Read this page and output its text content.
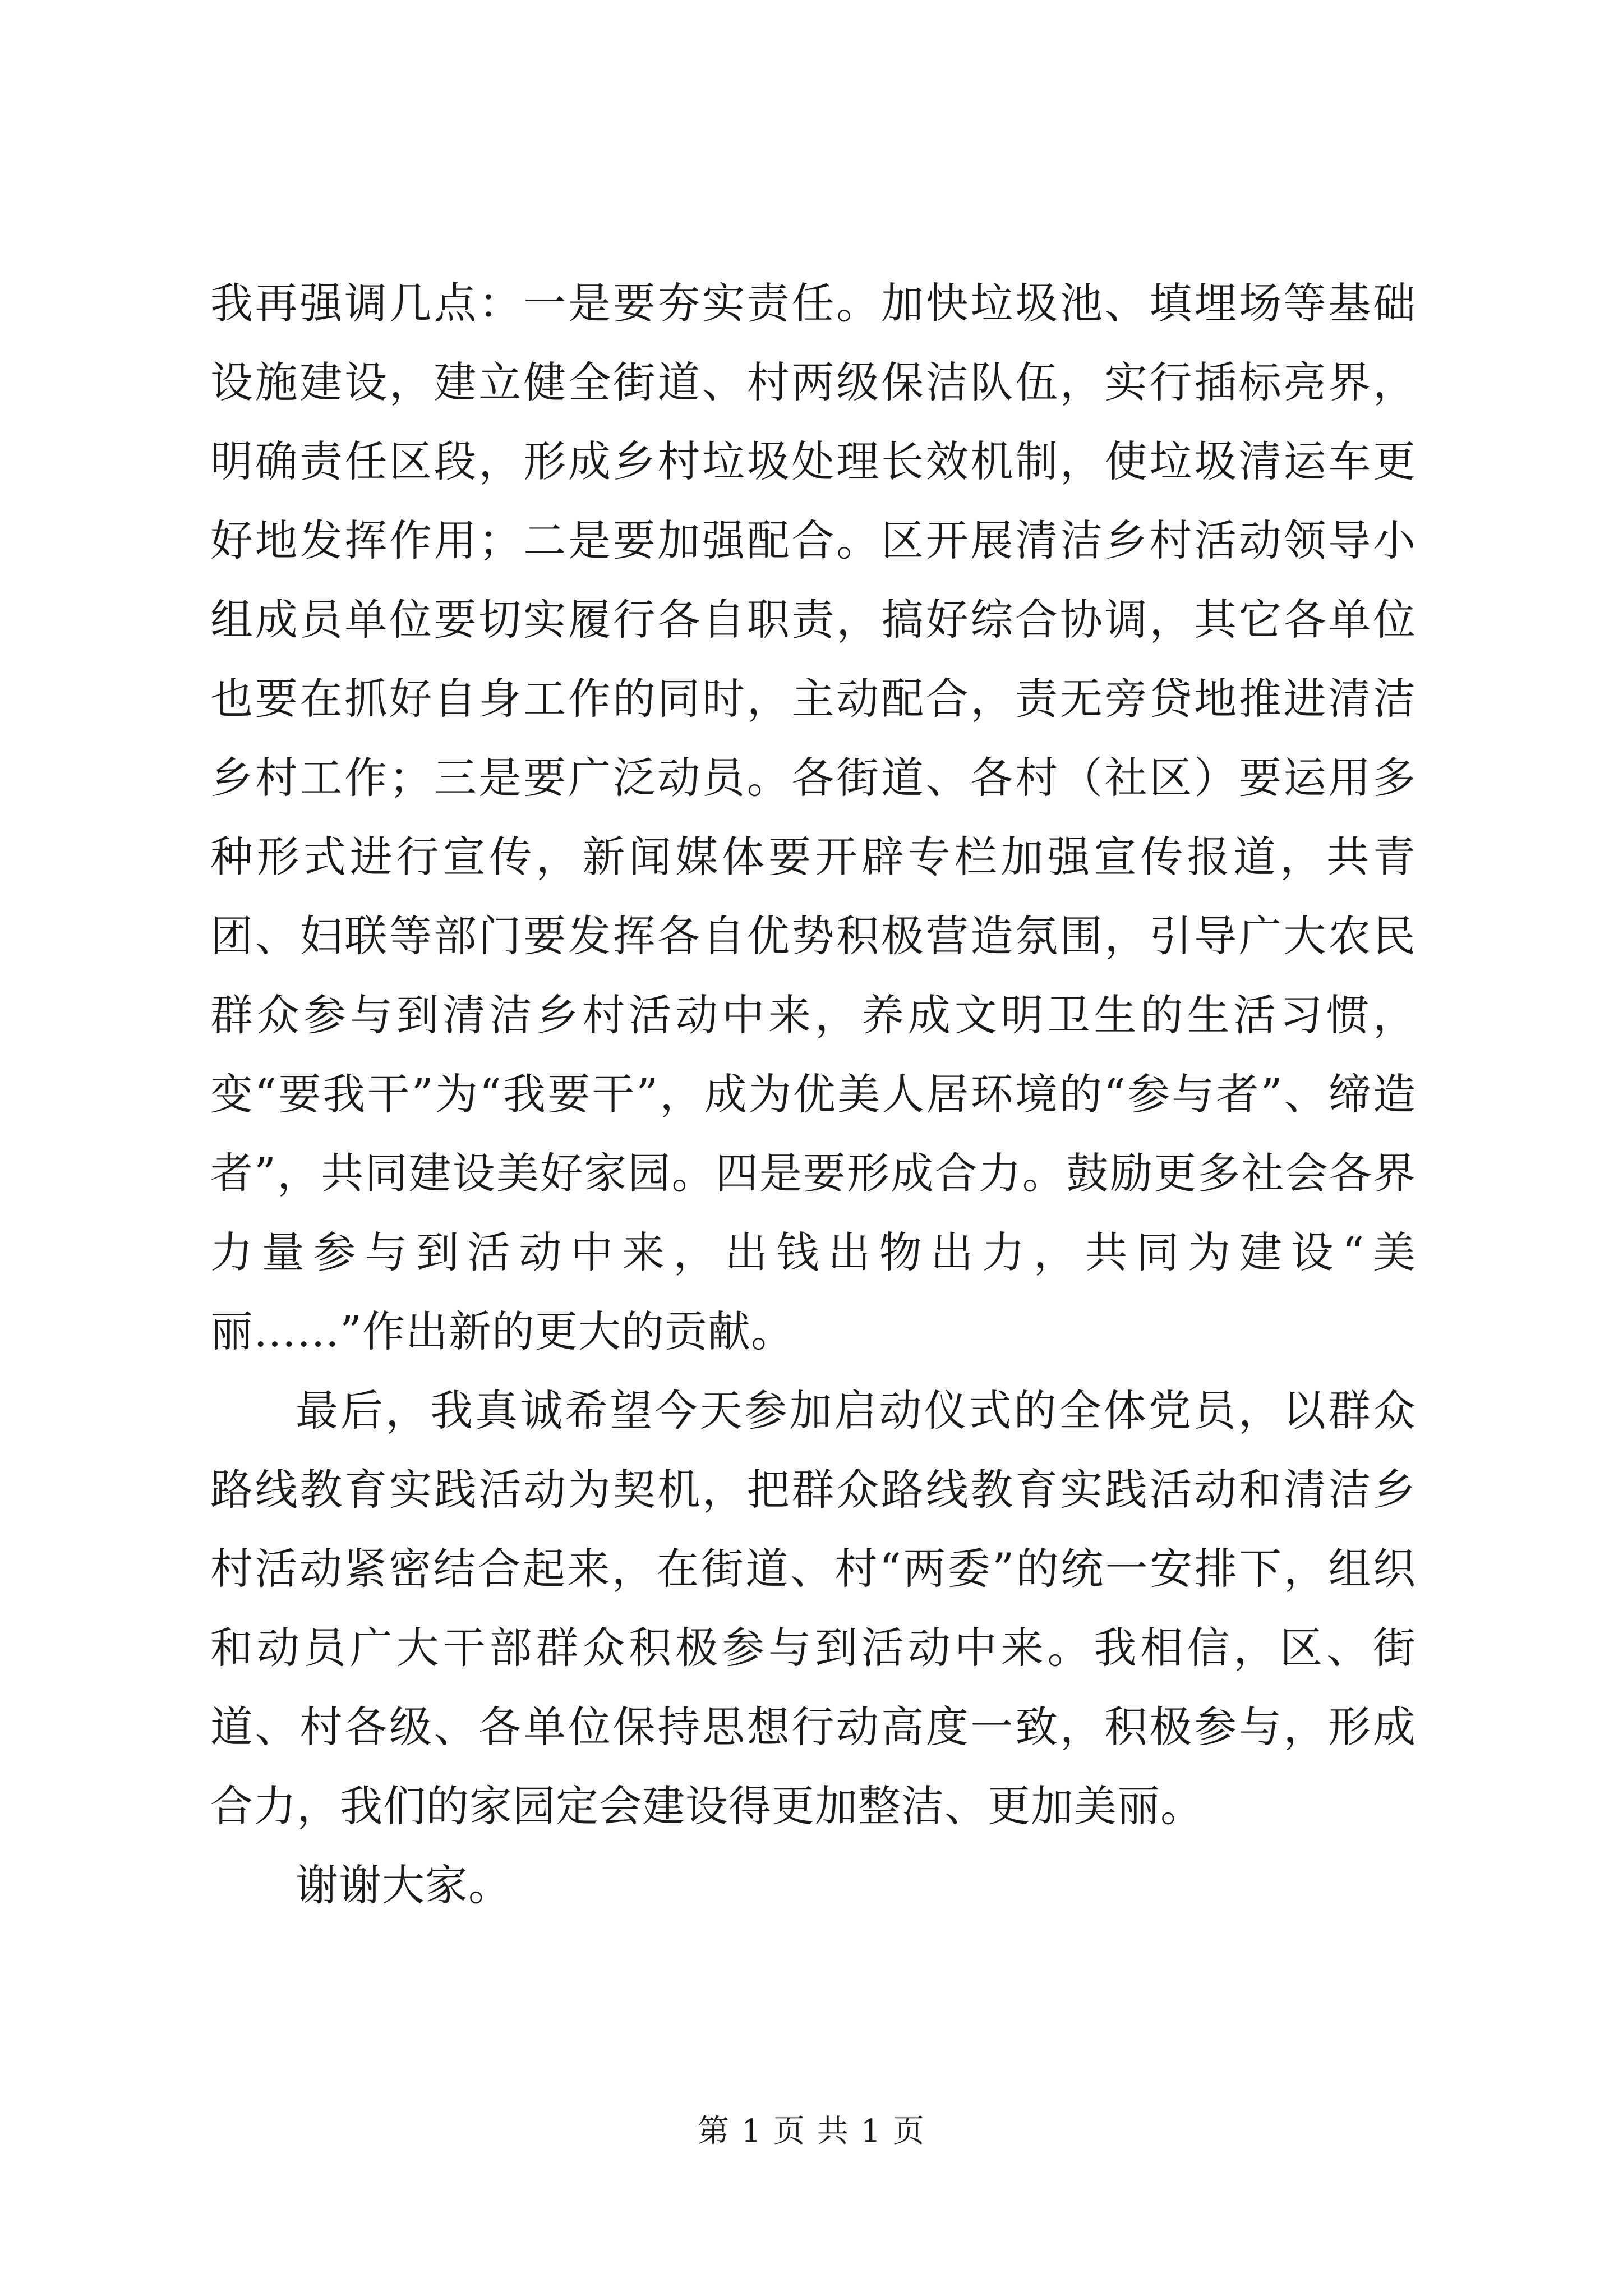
我再强调几点：一是要夯实责任。加快垃圾池、填埋场等基础设施建设，建立健全街道、村两级保洁队伍，实行插标亮界，明确责任区段，形成乡村垃圾处理长效机制，使垃圾清运车更好地发挥作用；二是要加强配合。区开展清洁乡村活动领导小组成员单位要切实履行各自职责，搞好综合协调，其它各单位也要在抓好自身工作的同时，主动配合，责无旁贷地推进清洁乡村工作；三是要广泛动员。各街道、各村（社区）要运用多种形式进行宣传，新闻媒体要开辟专栏加强宣传报道，共青团、妇联等部门要发挥各自优势积极营造氛围，引导广大农民群众参与到清洁乡村活动中来，养成文明卫生的生活习惯，变“要我干”为“我要干”，成为优美人居环境的“参与者”、缔造者”，共同建设美好家园。四是要形成合力。鼓励更多社会各界力量参与到活动中来，出钱出物出力，共同为建设“美丽……”作出新的更大的贡献。

最后，我真诚希望今天参加启动仪式的全体党员，以群众路线教育实践活动为契机，把群众路线教育实践活动和清洁乡村活动紧密结合起来，在街道、村“两委”的统一安排下，组织和动员广大干部群众积极参与到活动中来。我相信，区、街道、村各级、各单位保持思想行动高度一致，积极参与，形成合力，我们的家园定会建设得更加整洁、更加美丽。

谢谢大家。

第 1 页 共 1 页
